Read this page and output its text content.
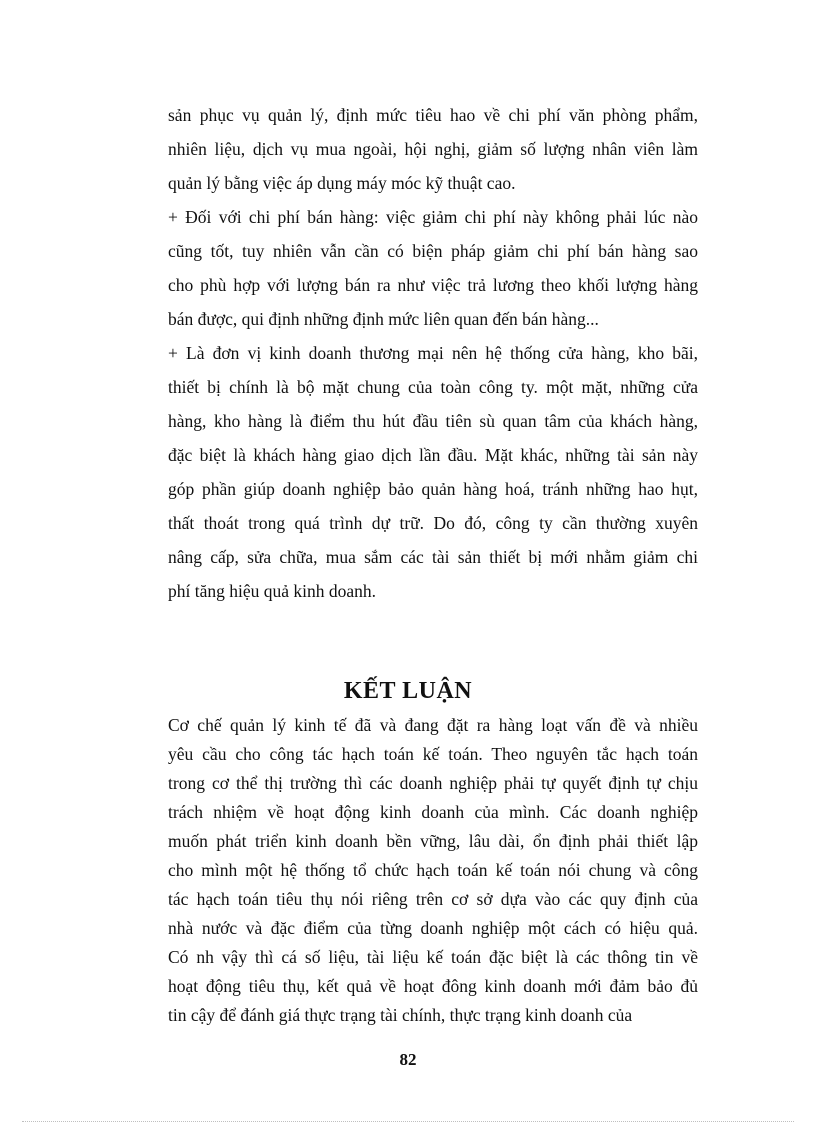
sản phục vụ quản lý, định mức tiêu hao về chi phí văn phòng phẩm,
nhiên liệu, dịch vụ mua ngoài, hội nghị, giảm số lượng nhân viên làm
quản lý bằng việc áp dụng máy móc kỹ thuật cao.
+ Đối với chi phí bán hàng: việc giảm chi phí này không phải lúc nào
cũng tốt, tuy nhiên vẫn cần có biện pháp giảm chi phí bán hàng sao
cho phù hợp với lượng bán ra như việc trả lương theo khối lượng hàng
bán được, qui định những định mức liên quan đến bán hàng...
+ Là đơn vị kinh doanh thương mại nên hệ thống cửa hàng, kho bãi,
thiết bị chính là bộ mặt chung của toàn công ty. một mặt, những cửa
hàng, kho hàng là điểm thu hút đầu tiên sù quan tâm của khách hàng,
đặc biệt là khách hàng giao dịch lần đầu. Mặt khác, những tài sản này
góp phần giúp doanh nghiệp bảo quản hàng hoá, tránh những hao hụt,
thất thoát trong quá trình dự trữ. Do đó, công ty cần thường xuyên
nâng cấp, sửa chữa, mua sắm các tài sản thiết bị mới nhằm giảm chi
phí tăng hiệu quả kinh doanh.
KẾT LUẬN
Cơ chế quản lý kinh tế đã và đang đặt ra hàng loạt vấn đề và nhiều
yêu cầu cho công tác hạch toán kế toán. Theo nguyên tắc hạch toán
trong cơ thể thị trường thì các doanh nghiệp phải tự quyết định tự chịu
trách nhiệm về hoạt động kinh doanh của mình. Các doanh nghiệp
muốn phát triển kinh doanh bền vững, lâu dài, ổn định phải thiết lập
cho mình một hệ thống tổ chức hạch toán kế toán nói chung và công
tác hạch toán tiêu thụ nói riêng trên cơ sở dựa vào các quy định của
nhà nước và đặc điểm của từng doanh nghiệp một cách có hiệu quả.
Có nh vậy thì cá số liệu, tài liệu kế toán đặc biệt là các thông tin về
hoạt động tiêu thụ, kết quả về hoạt đông kinh doanh mới đảm bảo đủ
tin cậy để đánh giá thực trạng tài chính, thực trạng kinh doanh của
82
